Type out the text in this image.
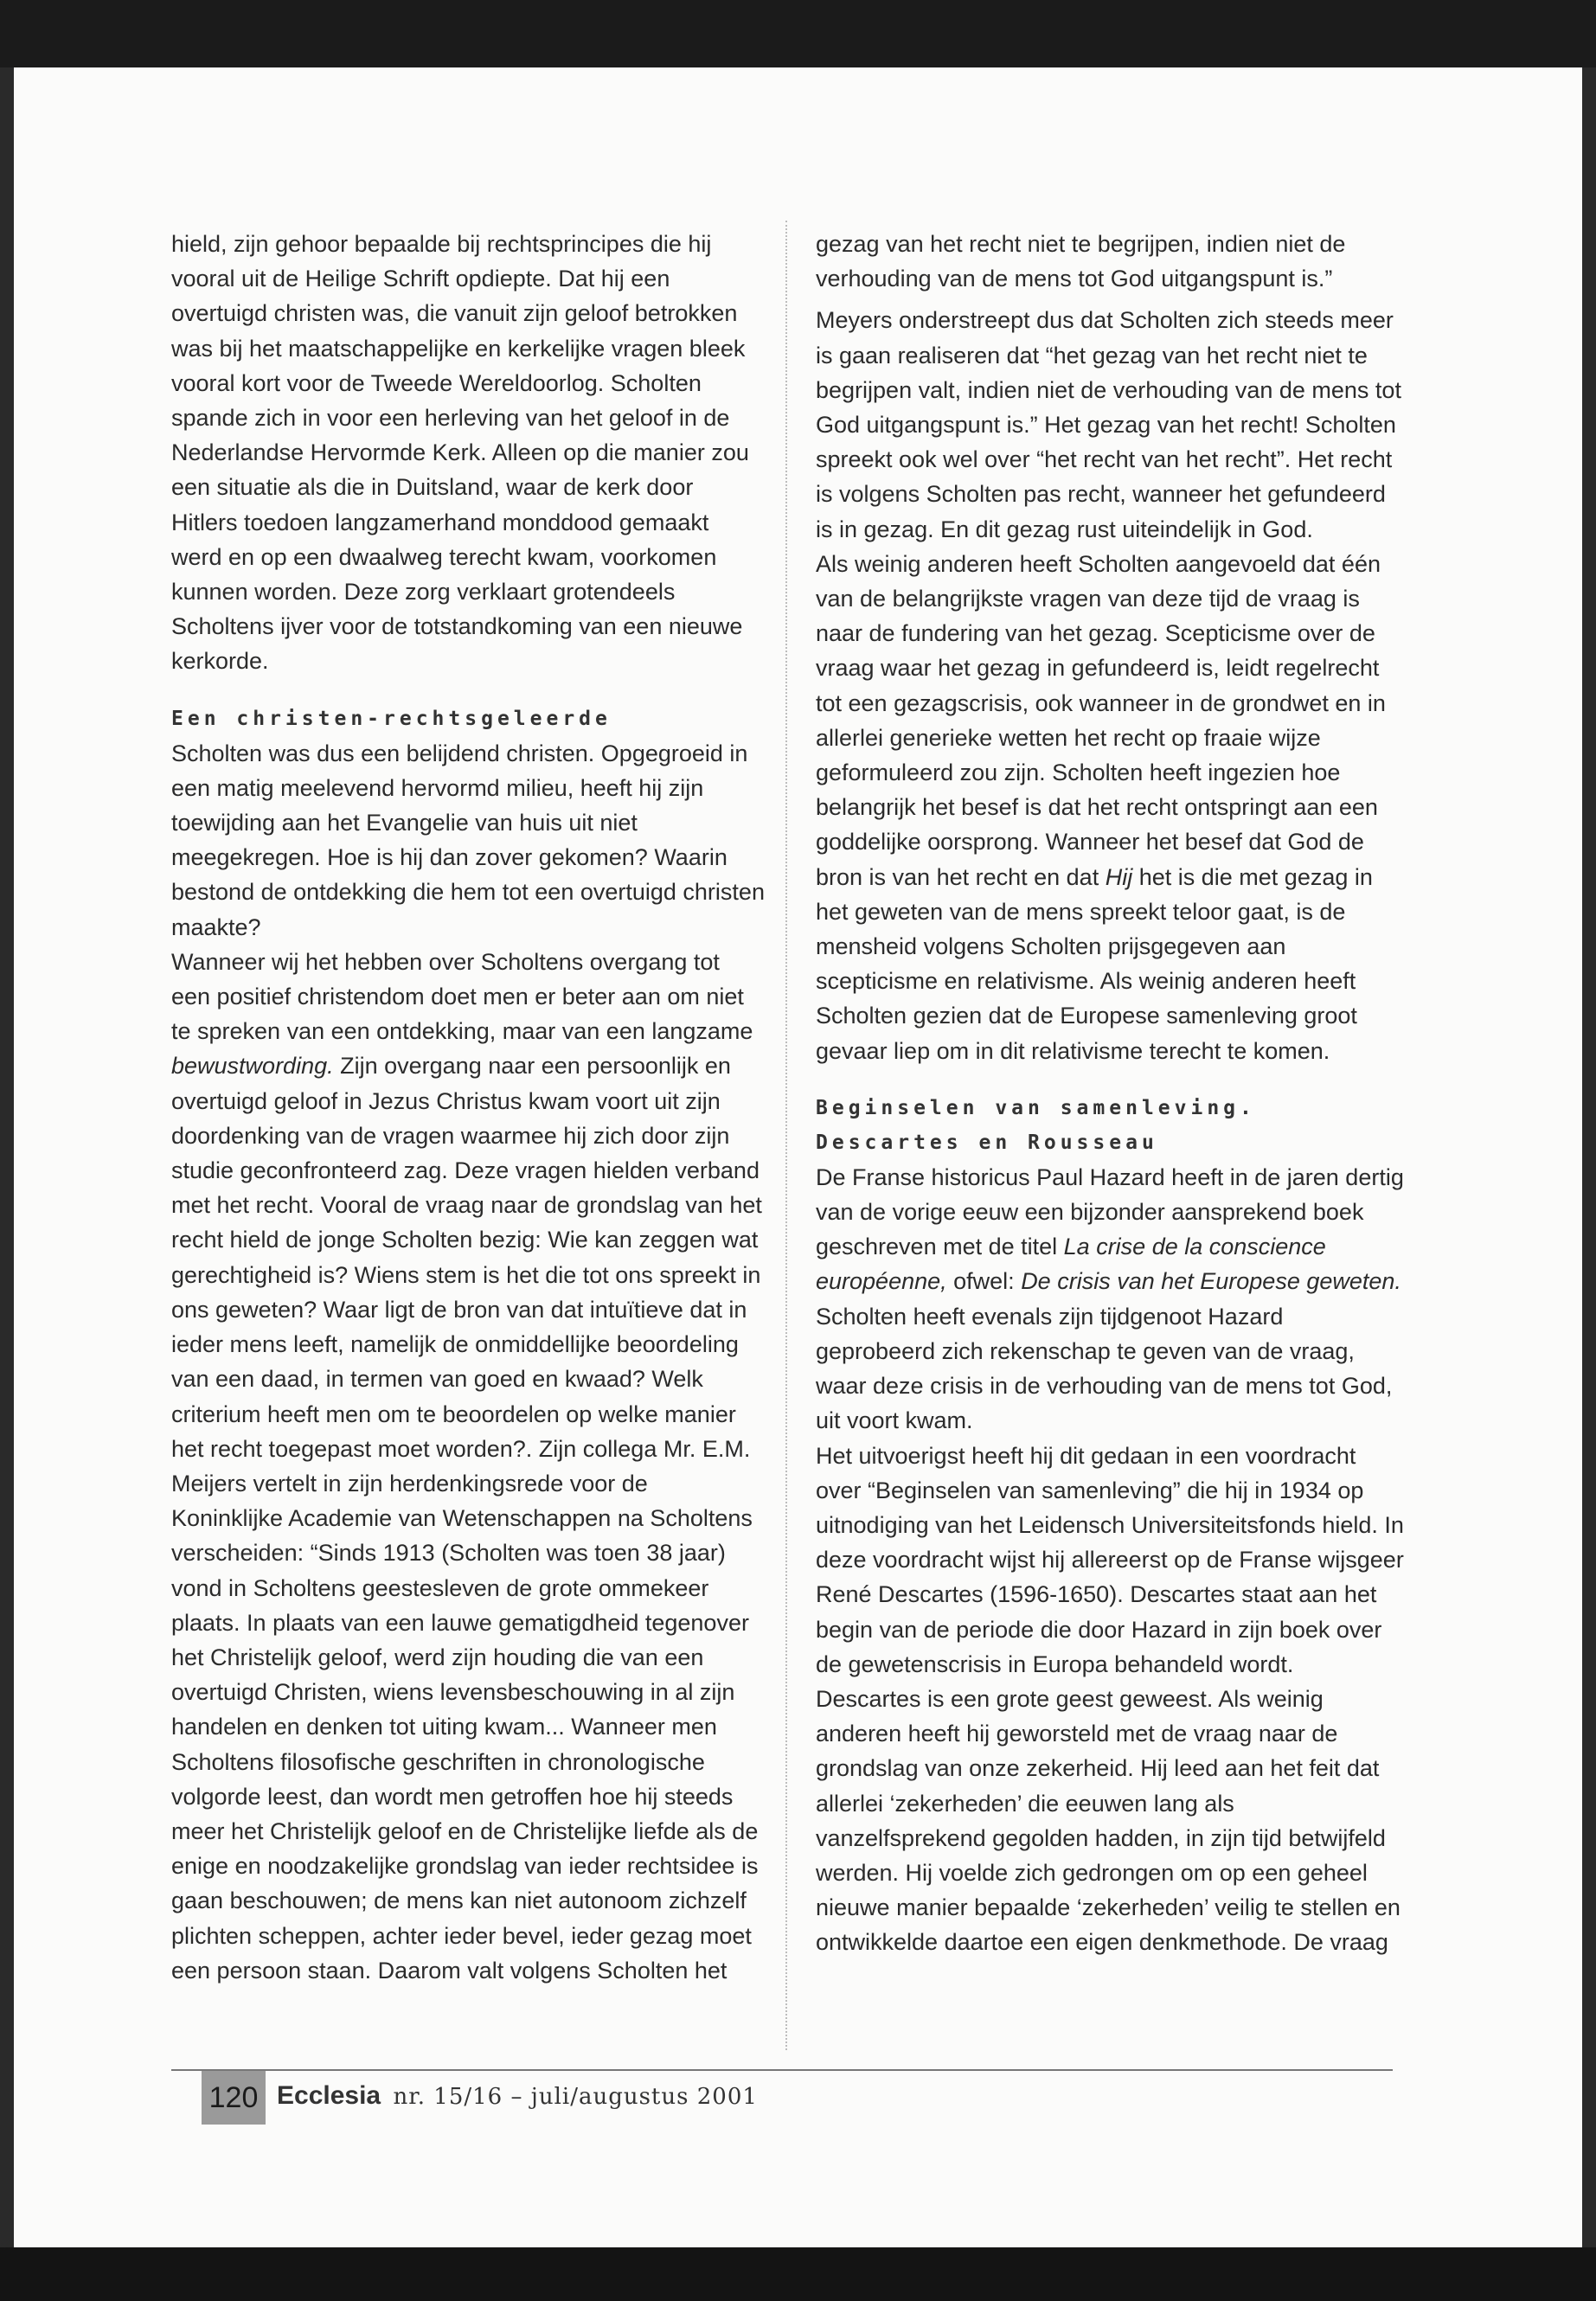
hield, zijn gehoor bepaalde bij rechtsprincipes die hij vooral uit de Heilige Schrift opdiepte. Dat hij een overtuigd christen was, die vanuit zijn geloof betrokken was bij het maatschappelijke en kerkelijke vragen bleek vooral kort voor de Tweede Wereldoorlog. Scholten spande zich in voor een herleving van het geloof in de Nederlandse Hervormde Kerk. Alleen op die manier zou een situatie als die in Duitsland, waar de kerk door Hitlers toedoen langzamerhand monddood gemaakt werd en op een dwaalweg terecht kwam, voorkomen kunnen worden. Deze zorg verklaart grotendeels Scholtens ijver voor de totstandkoming van een nieuwe kerkorde.

Een christen-rechtsgeleerde

Scholten was dus een belijdend christen. Opgegroeid in een matig meelevend hervormd milieu, heeft hij zijn toewijding aan het Evangelie van huis uit niet meegekregen. Hoe is hij dan zover gekomen? Waarin bestond de ontdekking die hem tot een overtuigd christen maakte?

Wanneer wij het hebben over Scholtens overgang tot een positief christendom doet men er beter aan om niet te spreken van een ontdekking, maar van een langzame bewustwording. Zijn overgang naar een persoonlijk en overtuigd geloof in Jezus Christus kwam voort uit zijn doordenking van de vragen waarmee hij zich door zijn studie geconfronteerd zag. Deze vragen hielden verband met het recht. Vooral de vraag naar de grondslag van het recht hield de jonge Scholten bezig: Wie kan zeggen wat gerechtigheid is? Wiens stem is het die tot ons spreekt in ons geweten? Waar ligt de bron van dat intuïtieve dat in ieder mens leeft, namelijk de onmiddellijke beoordeling van een daad, in termen van goed en kwaad? Welk criterium heeft men om te beoordelen op welke manier het recht toegepast moet worden?. Zijn collega Mr. E.M. Meijers vertelt in zijn herdenkingsrede voor de Koninklijke Academie van Wetenschappen na Scholtens verscheiden: “Sinds 1913 (Scholten was toen 38 jaar) vond in Scholtens geestesleven de grote ommekeer plaats. In plaats van een lauwe gematigdheid tegenover het Christelijk geloof, werd zijn houding die van een overtuigd Christen, wiens levensbeschouwing in al zijn handelen en denken tot uiting kwam... Wanneer men Scholtens filosofische geschriften in chronologische volgorde leest, dan wordt men getroffen hoe hij steeds meer het Christelijk geloof en de Christelijke liefde als de enige en noodzakelijke grondslag van ieder rechtsidee is gaan beschouwen; de mens kan niet autonoom zichzelf plichten scheppen, achter ieder bevel, ieder gezag moet een persoon staan. Daarom valt volgens Scholten het

gezag van het recht niet te begrijpen, indien niet de verhouding van de mens tot God uitgangspunt is.”

Meyers onderstreept dus dat Scholten zich steeds meer is gaan realiseren dat “het gezag van het recht niet te begrijpen valt, indien niet de verhouding van de mens tot God uitgangspunt is.” Het gezag van het recht! Scholten spreekt ook wel over “het recht van het recht”. Het recht is volgens Scholten pas recht, wanneer het gefundeerd is in gezag. En dit gezag rust uiteindelijk in God.

Als weinig anderen heeft Scholten aangevoeld dat één van de belangrijkste vragen van deze tijd de vraag is naar de fundering van het gezag. Scepticisme over de vraag waar het gezag in gefundeerd is, leidt regelrecht tot een gezagscrisis, ook wanneer in de grondwet en in allerlei generieke wetten het recht op fraaie wijze geformuleerd zou zijn. Scholten heeft ingezien hoe belangrijk het besef is dat het recht ontspringt aan een goddelijke oorsprong. Wanneer het besef dat God de bron is van het recht en dat Hij het is die met gezag in het geweten van de mens spreekt teloor gaat, is de mensheid volgens Scholten prijsgegeven aan scepticisme en relativisme. Als weinig anderen heeft Scholten gezien dat de Europese samenleving groot gevaar liep om in dit relativisme terecht te komen.

Beginselen van samenleving. Descartes en Rousseau

De Franse historicus Paul Hazard heeft in de jaren dertig van de vorige eeuw een bijzonder aansprekend boek geschreven met de titel La crise de la conscience européenne, ofwel: De crisis van het Europese geweten. Scholten heeft evenals zijn tijdgenoot Hazard geprobeerd zich rekenschap te geven van de vraag, waar deze crisis in de verhouding van de mens tot God, uit voort kwam.

Het uitvoerigst heeft hij dit gedaan in een voordracht over “Beginselen van samenleving” die hij in 1934 op uitnodiging van het Leidensch Universiteitsfonds hield. In deze voordracht wijst hij allereerst op de Franse wijsgeer René Descartes (1596-1650). Descartes staat aan het begin van de periode die door Hazard in zijn boek over de gewetenscrisis in Europa behandeld wordt. Descartes is een grote geest geweest. Als weinig anderen heeft hij geworsteld met de vraag naar de grondslag van onze zekerheid. Hij leed aan het feit dat allerlei ‘zekerheden’ die eeuwen lang als vanzelfsprekend gegolden hadden, in zijn tijd betwijfeld werden. Hij voelde zich gedrongen om op een geheel nieuwe manier bepaalde ‘zekerheden’ veilig te stellen en ontwikkelde daartoe een eigen denkmethode. De vraag

120 Ecclesia nr. 15/16 – juli/augustus 2001
